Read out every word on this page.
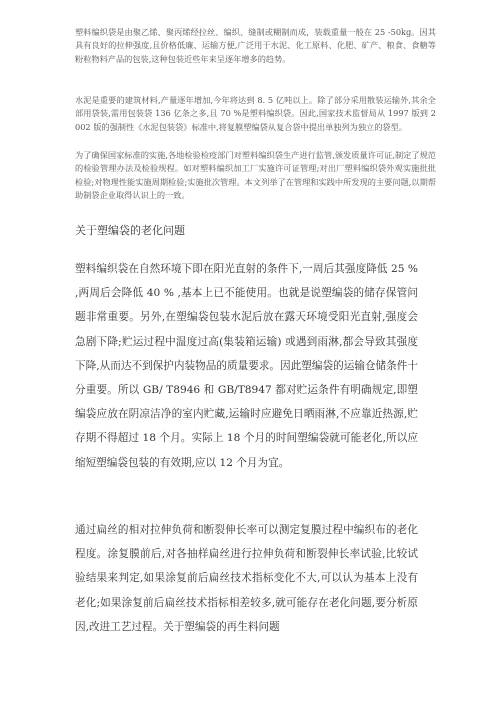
塑料编织袋是由聚乙烯、聚丙烯经拉丝、编织、缝制或糊制而成，装载重量一般在 25 -50kg。因其具有良好的拉伸强度,且价格低廉、运输方便,广泛用于水泥、化工原料、化肥、矿产、粮食、食糖等粉粒物料产品的包装,这种包装近些年来呈逐年增多的趋势。

水泥是重要的建筑材料,产量逐年增加,今年将达到 8. 5 亿吨以上。除了部分采用散装运输外,其余全部用袋装,需用包装袋 136 亿条之多,且 70 %是塑料编织袋。因此,国家技术监督局从 1997 版到 2002 版的强制性《水泥包装袋》标准中,将复膜塑编袋从复合袋中提出单独列为独立的袋型。

为了确保国家标准的实施,各地检验检疫部门对塑料编织袋生产进行监管,颁发质量许可证,制定了规范的检验管理办法及检验规程。如对塑料编织加工厂实施许可证管理;对出厂塑料编织袋外观实施批批检验;对物理性能实施周期检验;实施批次管理。本文列举了在管理和实践中所发现的主要问题,以期帮助制袋企业取得认识上的一致。

关于塑编袋的老化问题

塑料编织袋在自然环境下即在阳光直射的条件下,一周后其强度降低 25 % ,两周后会降低 40 % ,基本上已不能使用。也就是说塑编袋的储存保管问题非常重要。另外,在塑编袋包装水泥后放在露天环境受阳光直射,强度会急剧下降;贮运过程中温度过高(集装箱运输) 或遇到雨淋,都会导致其强度下降,从而达不到保护内装物品的质量要求。因此塑编袋的运输仓储条件十分重要。所以 GB/ T8946 和 GB/T8947 都对贮运条件有明确规定,即塑编袋应放在阴凉洁净的室内贮藏,运输时应避免日晒雨淋,不应靠近热源,贮存期不得超过 18 个月。实际上 18 个月的时间塑编袋就可能老化,所以应缩短塑编袋包装的有效期,应以 12 个月为宜。

通过扁丝的相对拉伸负荷和断裂伸长率可以测定复膜过程中编织布的老化程度。涂复膜前后,对各抽样扁丝进行拉伸负荷和断裂伸长率试验,比较试验结果来判定,如果涂复前后扁丝技术指标变化不大,可以认为基本上没有老化;如果涂复前后扁丝技术指标相差较多,就可能存在老化问题,要分析原因,改进工艺过程。关于塑编袋的再生料问题
